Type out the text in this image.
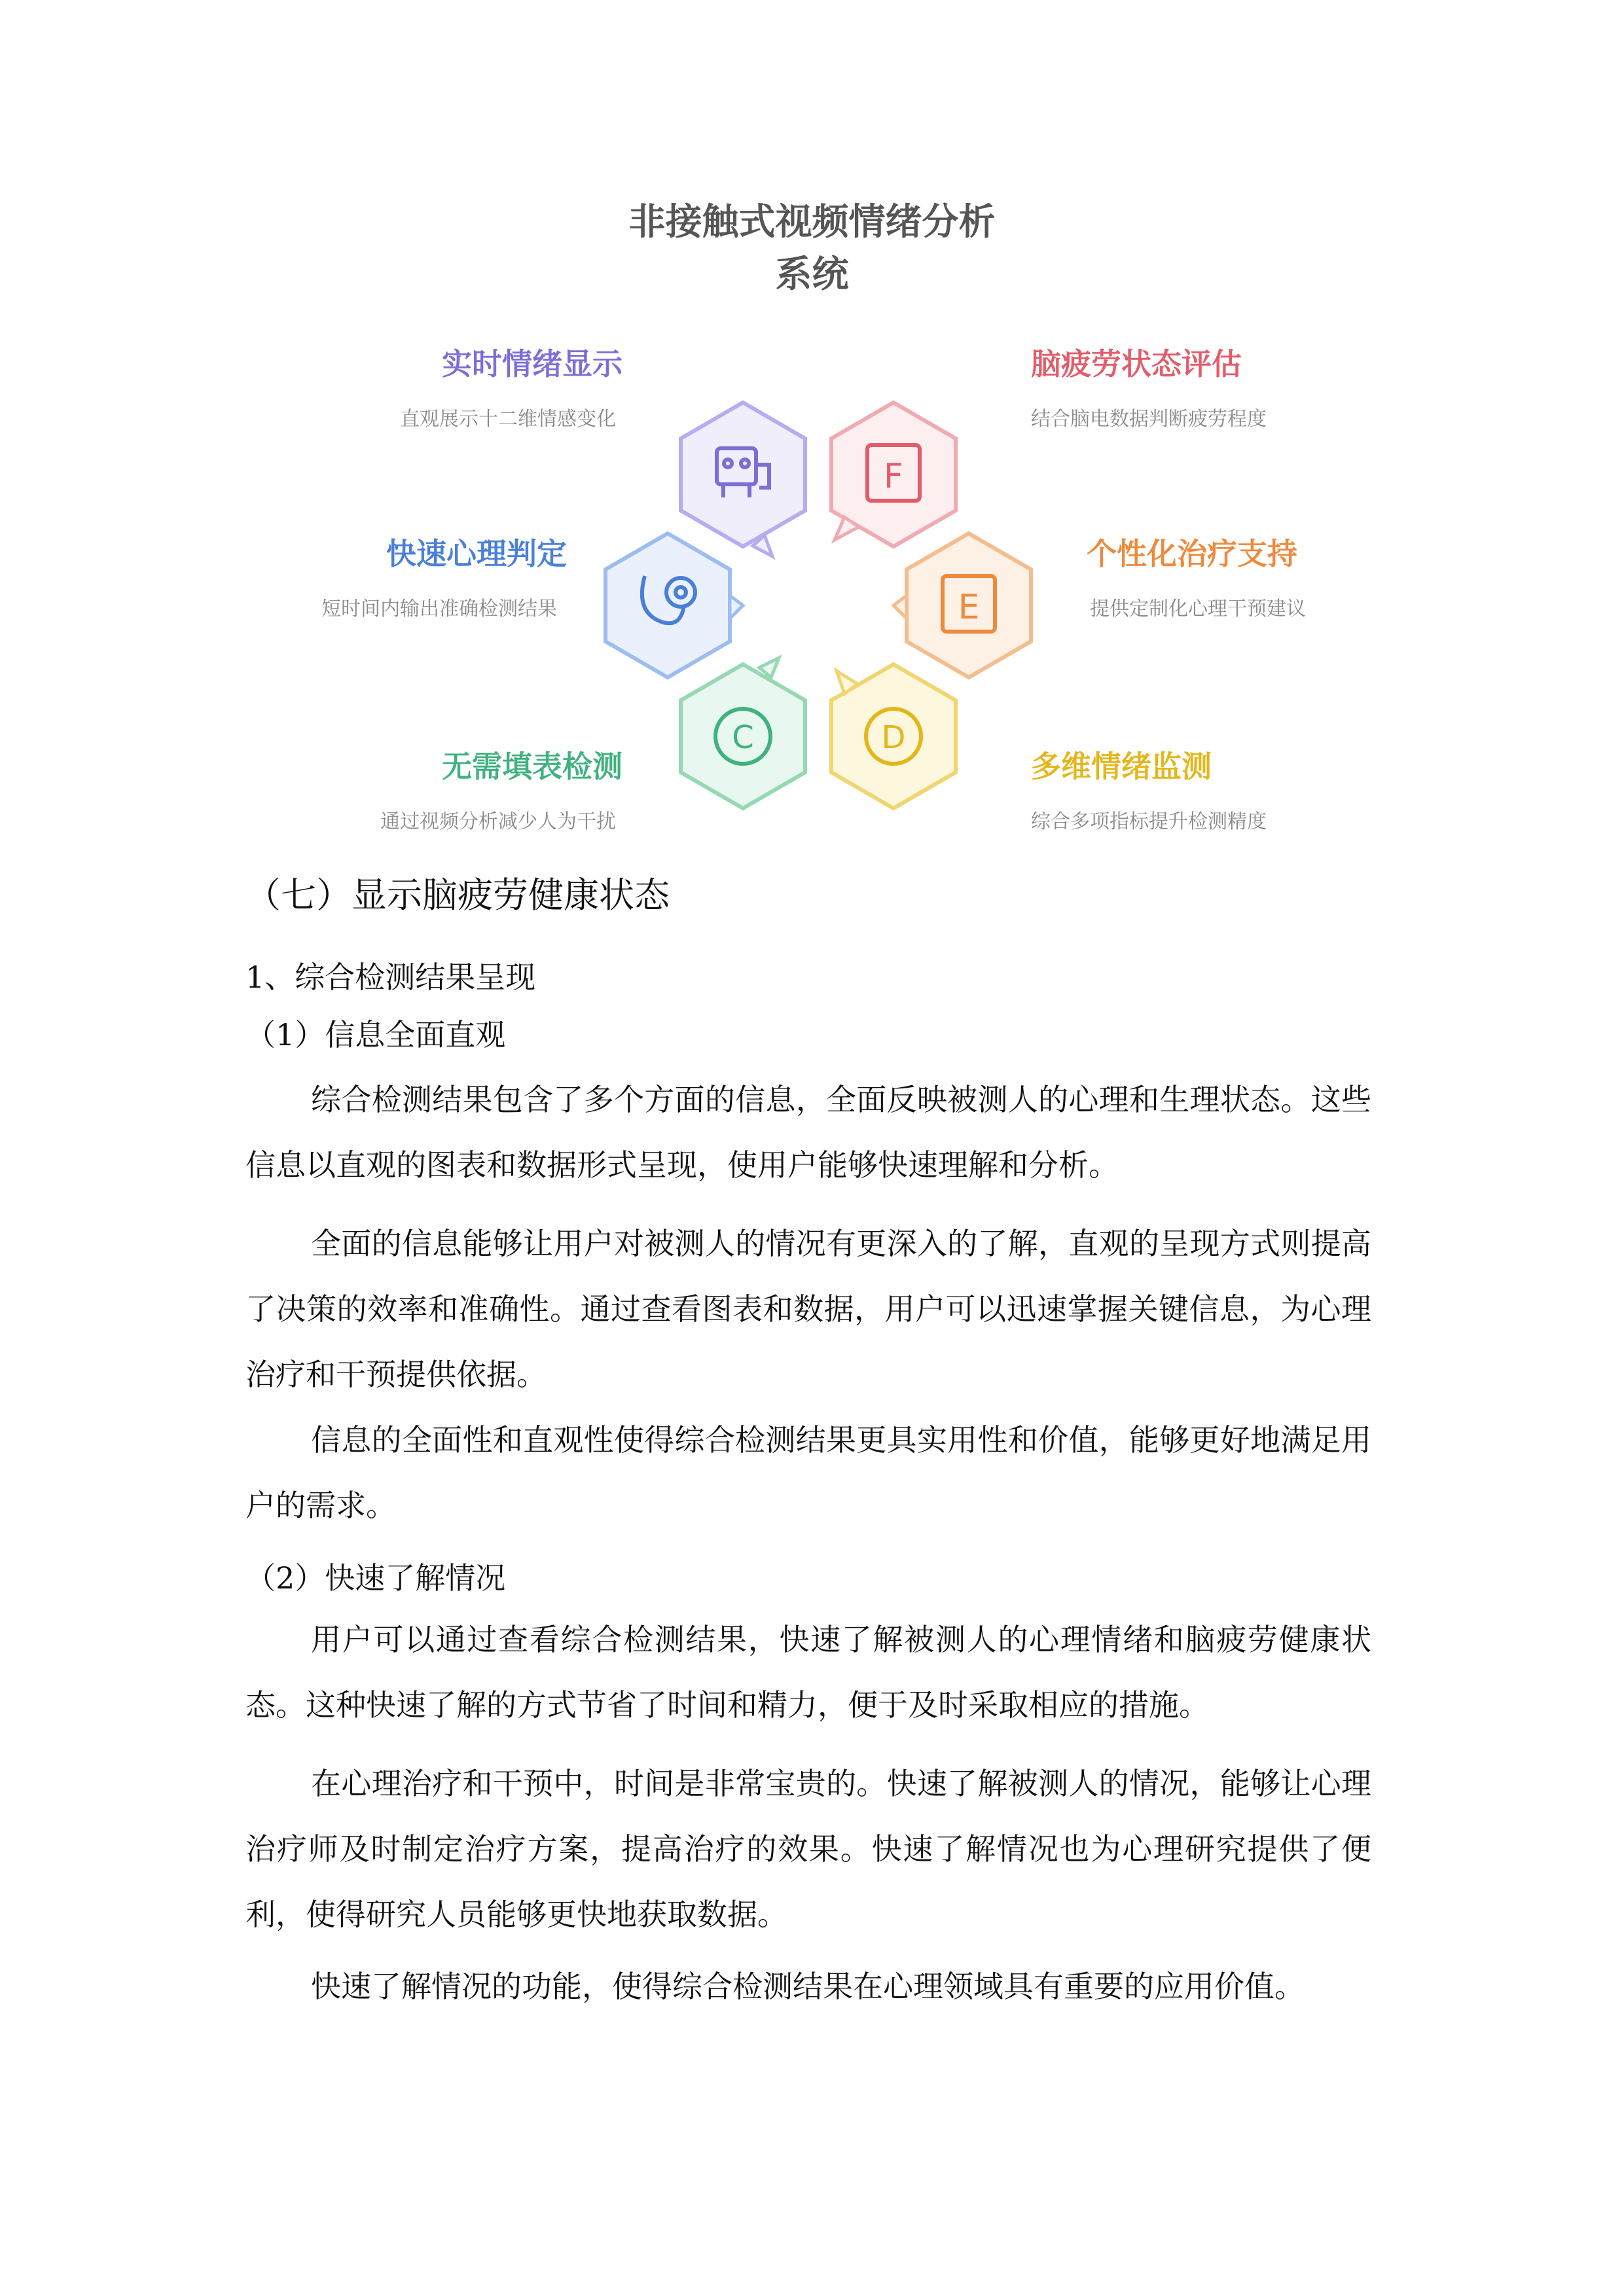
非接触式视频情绪分析
系统
F
E
C	D
实时情绪显示
直观展示十二维情感变化
脑疲劳状态评估
结合脑电数据判断疲劳程度
快速心理判定
短时间内输出准确检测结果
个性化治疗支持
提供定制化心理干预建议
无需填表检测
通过视频分析减少人为干扰
多维情绪监测
综合多项指标提升检测精度
（七）显示脑疲劳健康状态
1、综合检测结果呈现
（1）信息全面直观

综合检测结果包含了多个方面的信息，全面反映被测人的心理和生理状态。这些信息以直观的图表和数据形式呈现，使用户能够快速理解和分析。

全面的信息能够让用户对被测人的情况有更深入的了解，直观的呈现方式则提高了决策的效率和准确性。通过查看图表和数据，用户可以迅速掌握关键信息，为心理治疗和干预提供依据。

信息的全面性和直观性使得综合检测结果更具实用性和价值，能够更好地满足用户的需求。

（2）快速了解情况

用户可以通过查看综合检测结果，快速了解被测人的心理情绪和脑疲劳健康状态。这种快速了解的方式节省了时间和精力，便于及时采取相应的措施。

在心理治疗和干预中，时间是非常宝贵的。快速了解被测人的情况，能够让心理治疗师及时制定治疗方案，提高治疗的效果。快速了解情况也为心理研究提供了便利，使得研究人员能够更快地获取数据。

快速了解情况的功能，使得综合检测结果在心理领域具有重要的应用价值。
